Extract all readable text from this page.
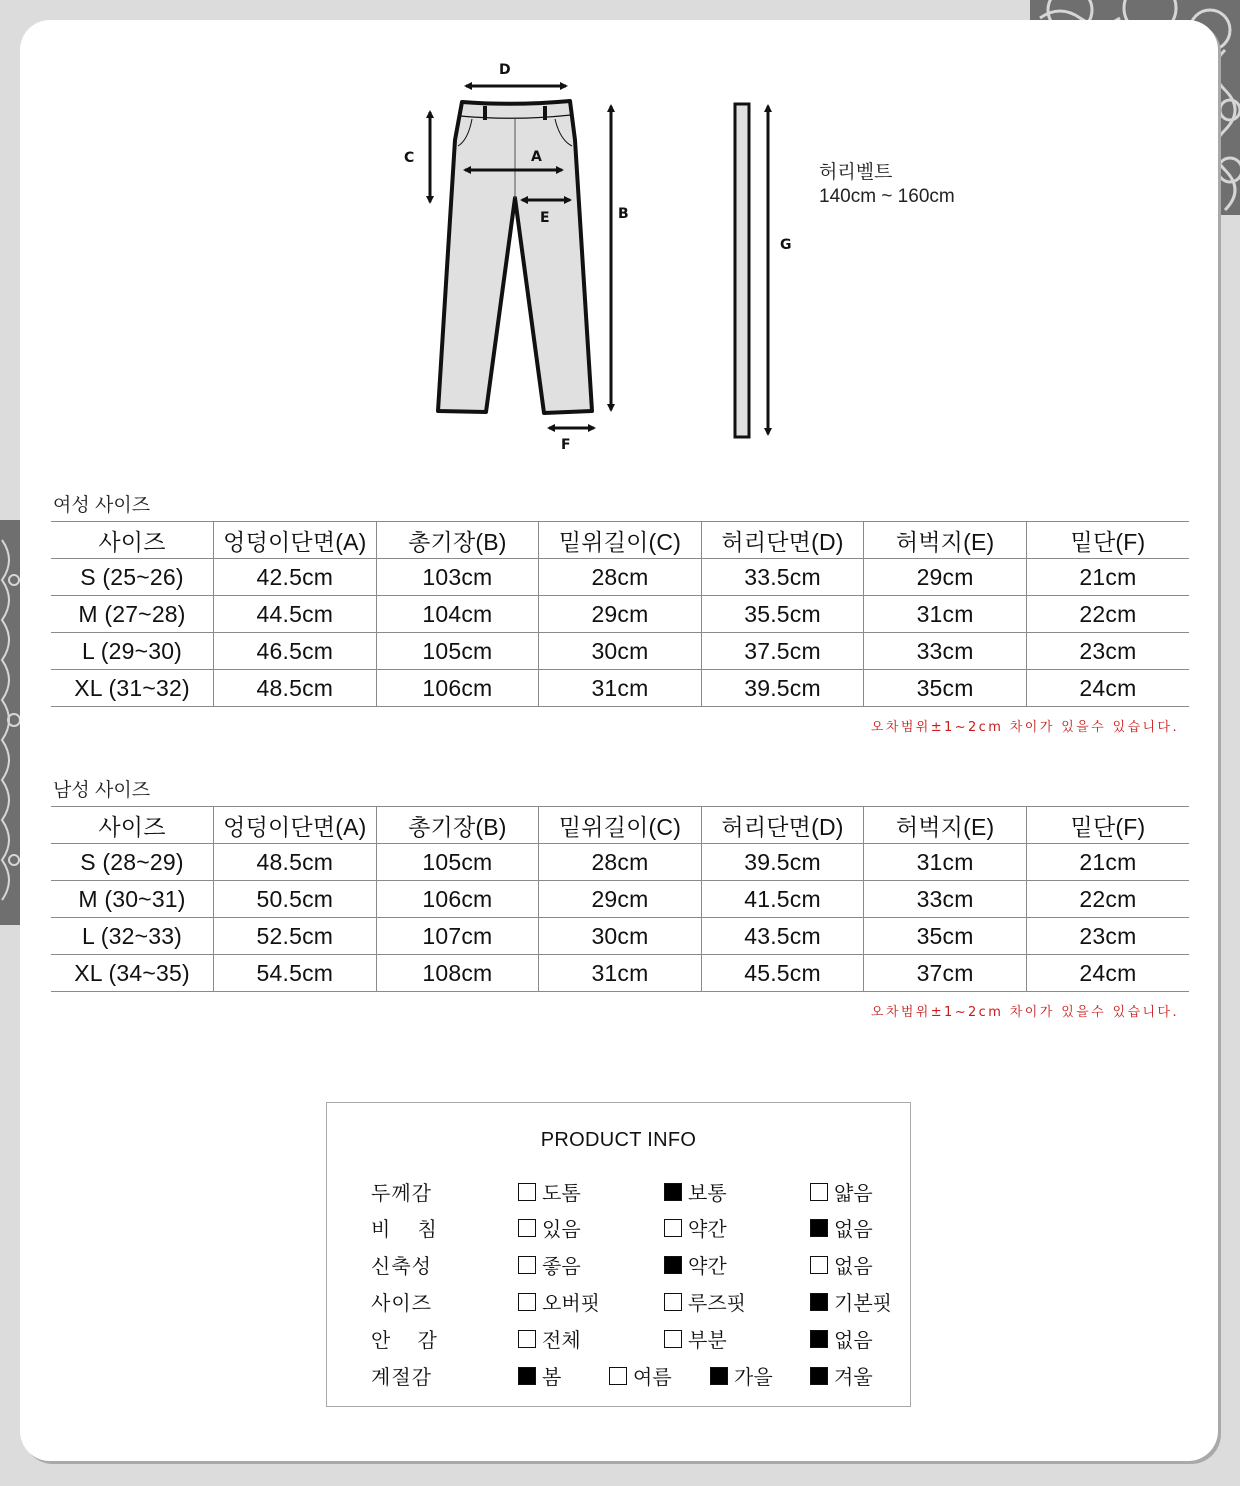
D
C	A
E	B
F
G
허리벨트
140cm ~ 160cm
여성 사이즈
사이즈	엉덩이단면(A)	총기장(B)	밑위길이(C)	허리단면(D)	허벅지(E)	밑단(F)
S (25~26)	42.5cm	103cm	28cm	33.5cm	29cm	21cm
M (27~28)	44.5cm	104cm	29cm	35.5cm	31cm	22cm
L (29~30)	46.5cm	105cm	30cm	37.5cm	33cm	23cm
XL (31~32)	48.5cm	106cm	31cm	39.5cm	35cm	24cm
오차범위±1~2cm 차이가 있을수 있습니다.
남성 사이즈
사이즈	엉덩이단면(A)	총기장(B)	밑위길이(C)	허리단면(D)	허벅지(E)	밑단(F)
S (28~29)	48.5cm	105cm	28cm	39.5cm	31cm	21cm
M (30~31)	50.5cm	106cm	29cm	41.5cm	33cm	22cm
L (32~33)	52.5cm	107cm	30cm	43.5cm	35cm	23cm
XL (34~35)	54.5cm	108cm	31cm	45.5cm	37cm	24cm
오차범위±1~2cm 차이가 있을수 있습니다.
PRODUCT INFO
두께감	도톰	보통	얇음
비    침	있음	약간	없음
신축성	좋음	약간	없음
사이즈	오버핏	루즈핏	기본핏
안    감	전체	부분	없음
계절감	봄	여름	가을	겨울
